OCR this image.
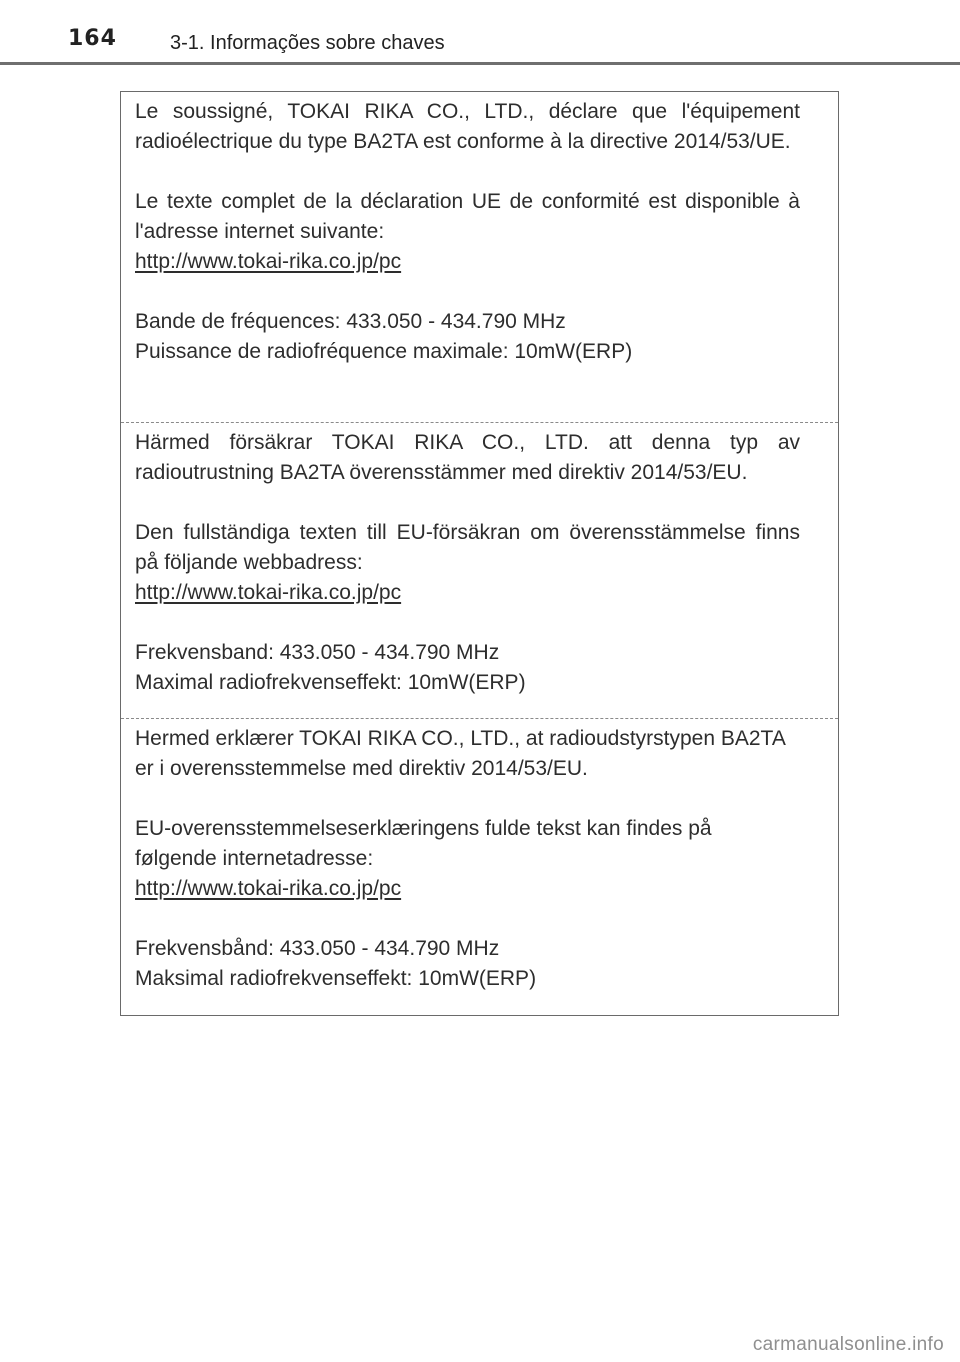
164	3-1. Informações sobre chaves

Le soussigné, TOKAI RIKA CO., LTD., déclare que l'équipement radioélectrique du type BA2TA est conforme à la directive 2014/53/UE.

Le texte complet de la déclaration UE de conformité est disponible à l'adresse internet suivante:

http://www.tokai-rika.co.jp/pc

Bande de fréquences: 433.050 - 434.790 MHz

Puissance de radiofréquence maximale: 10mW(ERP)

Härmed försäkrar TOKAI RIKA CO., LTD. att denna typ av radioutrustning BA2TA överensstämmer med direktiv 2014/53/EU.

Den fullständiga texten till EU-försäkran om överensstämmelse finns på följande webbadress:

http://www.tokai-rika.co.jp/pc

Frekvensband: 433.050 - 434.790 MHz

Maximal radiofrekvenseffekt: 10mW(ERP)

Hermed erklærer TOKAI RIKA CO., LTD., at radioudstyrstypen BA2TA

er i overensstemmelse med direktiv 2014/53/EU.

EU-overensstemmelseserklæringens fulde tekst kan findes på

følgende internetadresse:

http://www.tokai-rika.co.jp/pc

Frekvensbånd: 433.050 - 434.790 MHz

Maksimal radiofrekvenseffekt: 10mW(ERP)

carmanualsonline.info
